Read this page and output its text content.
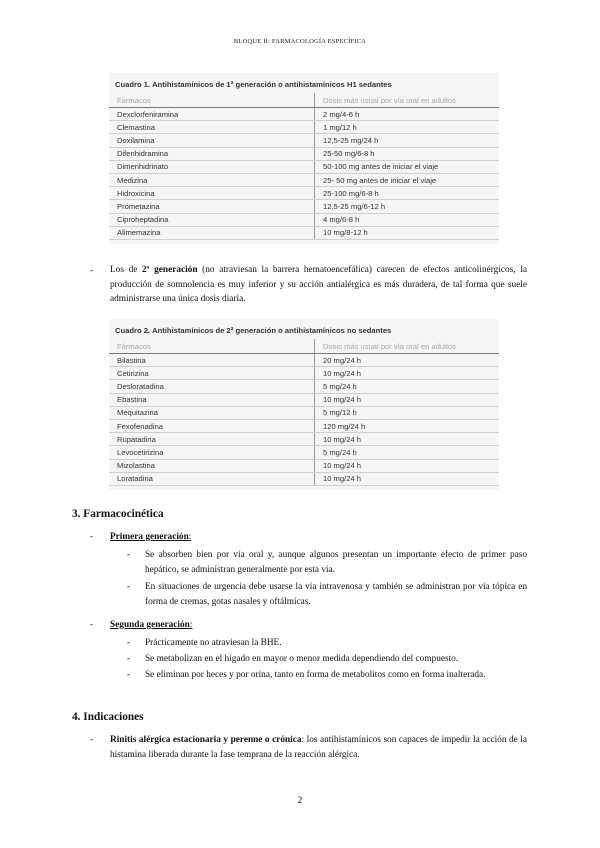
BLOQUE II: FARMACOLOGÍA ESPECÍFICA
Cuadro 1. Antihistamínicos de 1ª generación o antihistamínicos H1 sedantes
Fármacos	Dosis más usual por vía oral en adultos
Dexclorfeniramina	2 mg/4-6 h
Clemastina	1 mg/12 h
Doxilamina	12,5-25 mg/24 h
Difenhidramina	25-50 mg/6-8 h
Dimenhidrinato	50-100 mg antes de iniciar el viaje
Medizina	25- 50 mg antes de iniciar el viaje
Hidroxicina	25-100 mg/6-8 h
Prometazina	12,5-25 mg/6-12 h
Ciproheptadina	4 mg/6-8 h
Alimemazina	10 mg/8-12 h
- Los de 2ª generación (no atraviesan la barrera hematoencefálica) carecen de efectos anticolinérgicos, la producción de somnolencia es muy inferior y su acción antialérgica es más duradera, de tal forma que suele administrarse una única dosis diaria.
Cuadro 2. Antihistamínicos de 2ª generación o antihistamínicos no sedantes
Fármacos	Dosis más usual por vía oral en adultos
Bilastina	20 mg/24 h
Cetirizina	10 mg/24 h
Desloratadina	5 mg/24 h
Ebastina	10 mg/24 h
Mequitazina	5 mg/12 h
Fexofenadina	120 mg/24 h
Rupatadina	10 mg/24 h
Levocetirizina	5 mg/24 h
Mizolastina	10 mg/24 h
Loratadina	10 mg/24 h
3. Farmacocinética
- Primera generación:
- Se absorben bien por vía oral y, aunque algunos presentan un importante efecto de primer paso hepático, se administran generalmente por esta vía.
- En situaciones de urgencia debe usarse la vía intravenosa y también se administran por vía tópica en forma de cremas, gotas nasales y oftálmicas.
- Segunda generación:
- Prácticamente no atraviesan la BHE.
- Se metabolizan en el hígado en mayor o menor medida dependiendo del compuesto.
- Se eliminan por heces y por orina, tanto en forma de metabolitos como en forma inalterada.
4. Indicaciones
- Rinitis alérgica estacionaria y perenne o crónica: los antihistamínicos son capaces de impedir la acción de la histamina liberada durante la fase temprana de la reacción alérgica.
2
